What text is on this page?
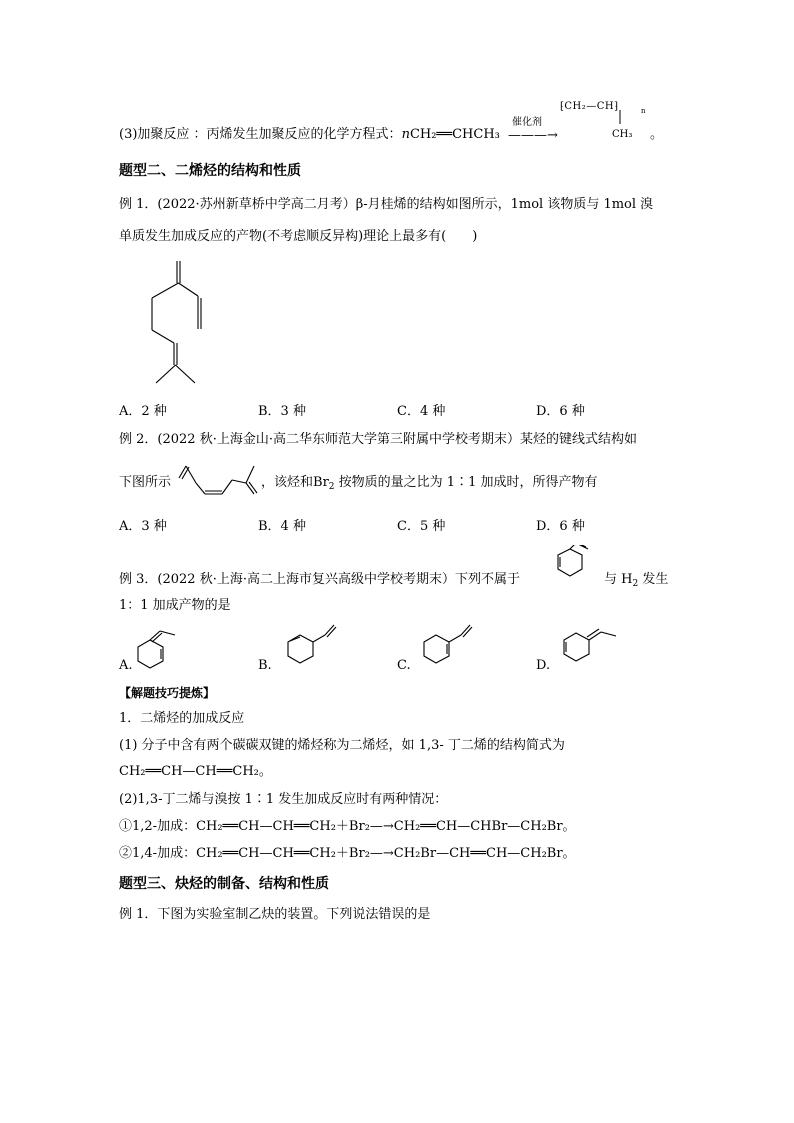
(3)加聚反应 ：丙烯发生加聚反应的化学方程式：nCH₂══CHCH₃
催化剂
———→
⁅CH₂—CH⁆	n
CH₃ 。
题型二、二烯烃的结构和性质
例 1．(2022·苏州新草桥中学高二月考）β-月桂烯的结构如图所示，1mol 该物质与 1mol 溴
单质发生加成反应的产物(不考虑顺反异构)理论上最多有(　　)
A．2 种	B．3 种	C．4 种	D．6 种
例 2．(2022 秋·上海金山·高二华东师范大学第三附属中学校考期末）某烃的键线式结构如
下图所示	，该烃和$Br_2$ 按物质的量之比为 1∶1 加成时，所得产物有
A．3 种	B．4 种	C．5 种	D．6 种
例 3．(2022 秋·上海·高二上海市复兴高级中学校考期末）下列不属于	与 $H_2$ 发生
1：1 加成产物的是
A.	B.	C.	D.
【解题技巧提炼】
1．二烯烃的加成反应
(1) 分子中含有两个碳碳双键的烯烃称为二烯烃，如 1,3- 丁二烯的结构简式为
CH₂══CH—CH══CH₂。
(2)1,3-丁二烯与溴按 1∶1 发生加成反应时有两种情况：
①1,2-加成：CH₂══CH—CH══CH₂＋Br₂—→CH₂══CH—CHBr—CH₂Br。
②1,4-加成：CH₂══CH—CH══CH₂＋Br₂—→CH₂Br—CH══CH—CH₂Br。
题型三、炔烃的制备、结构和性质
例 1．下图为实验室制乙炔的装置。下列说法错误的是
